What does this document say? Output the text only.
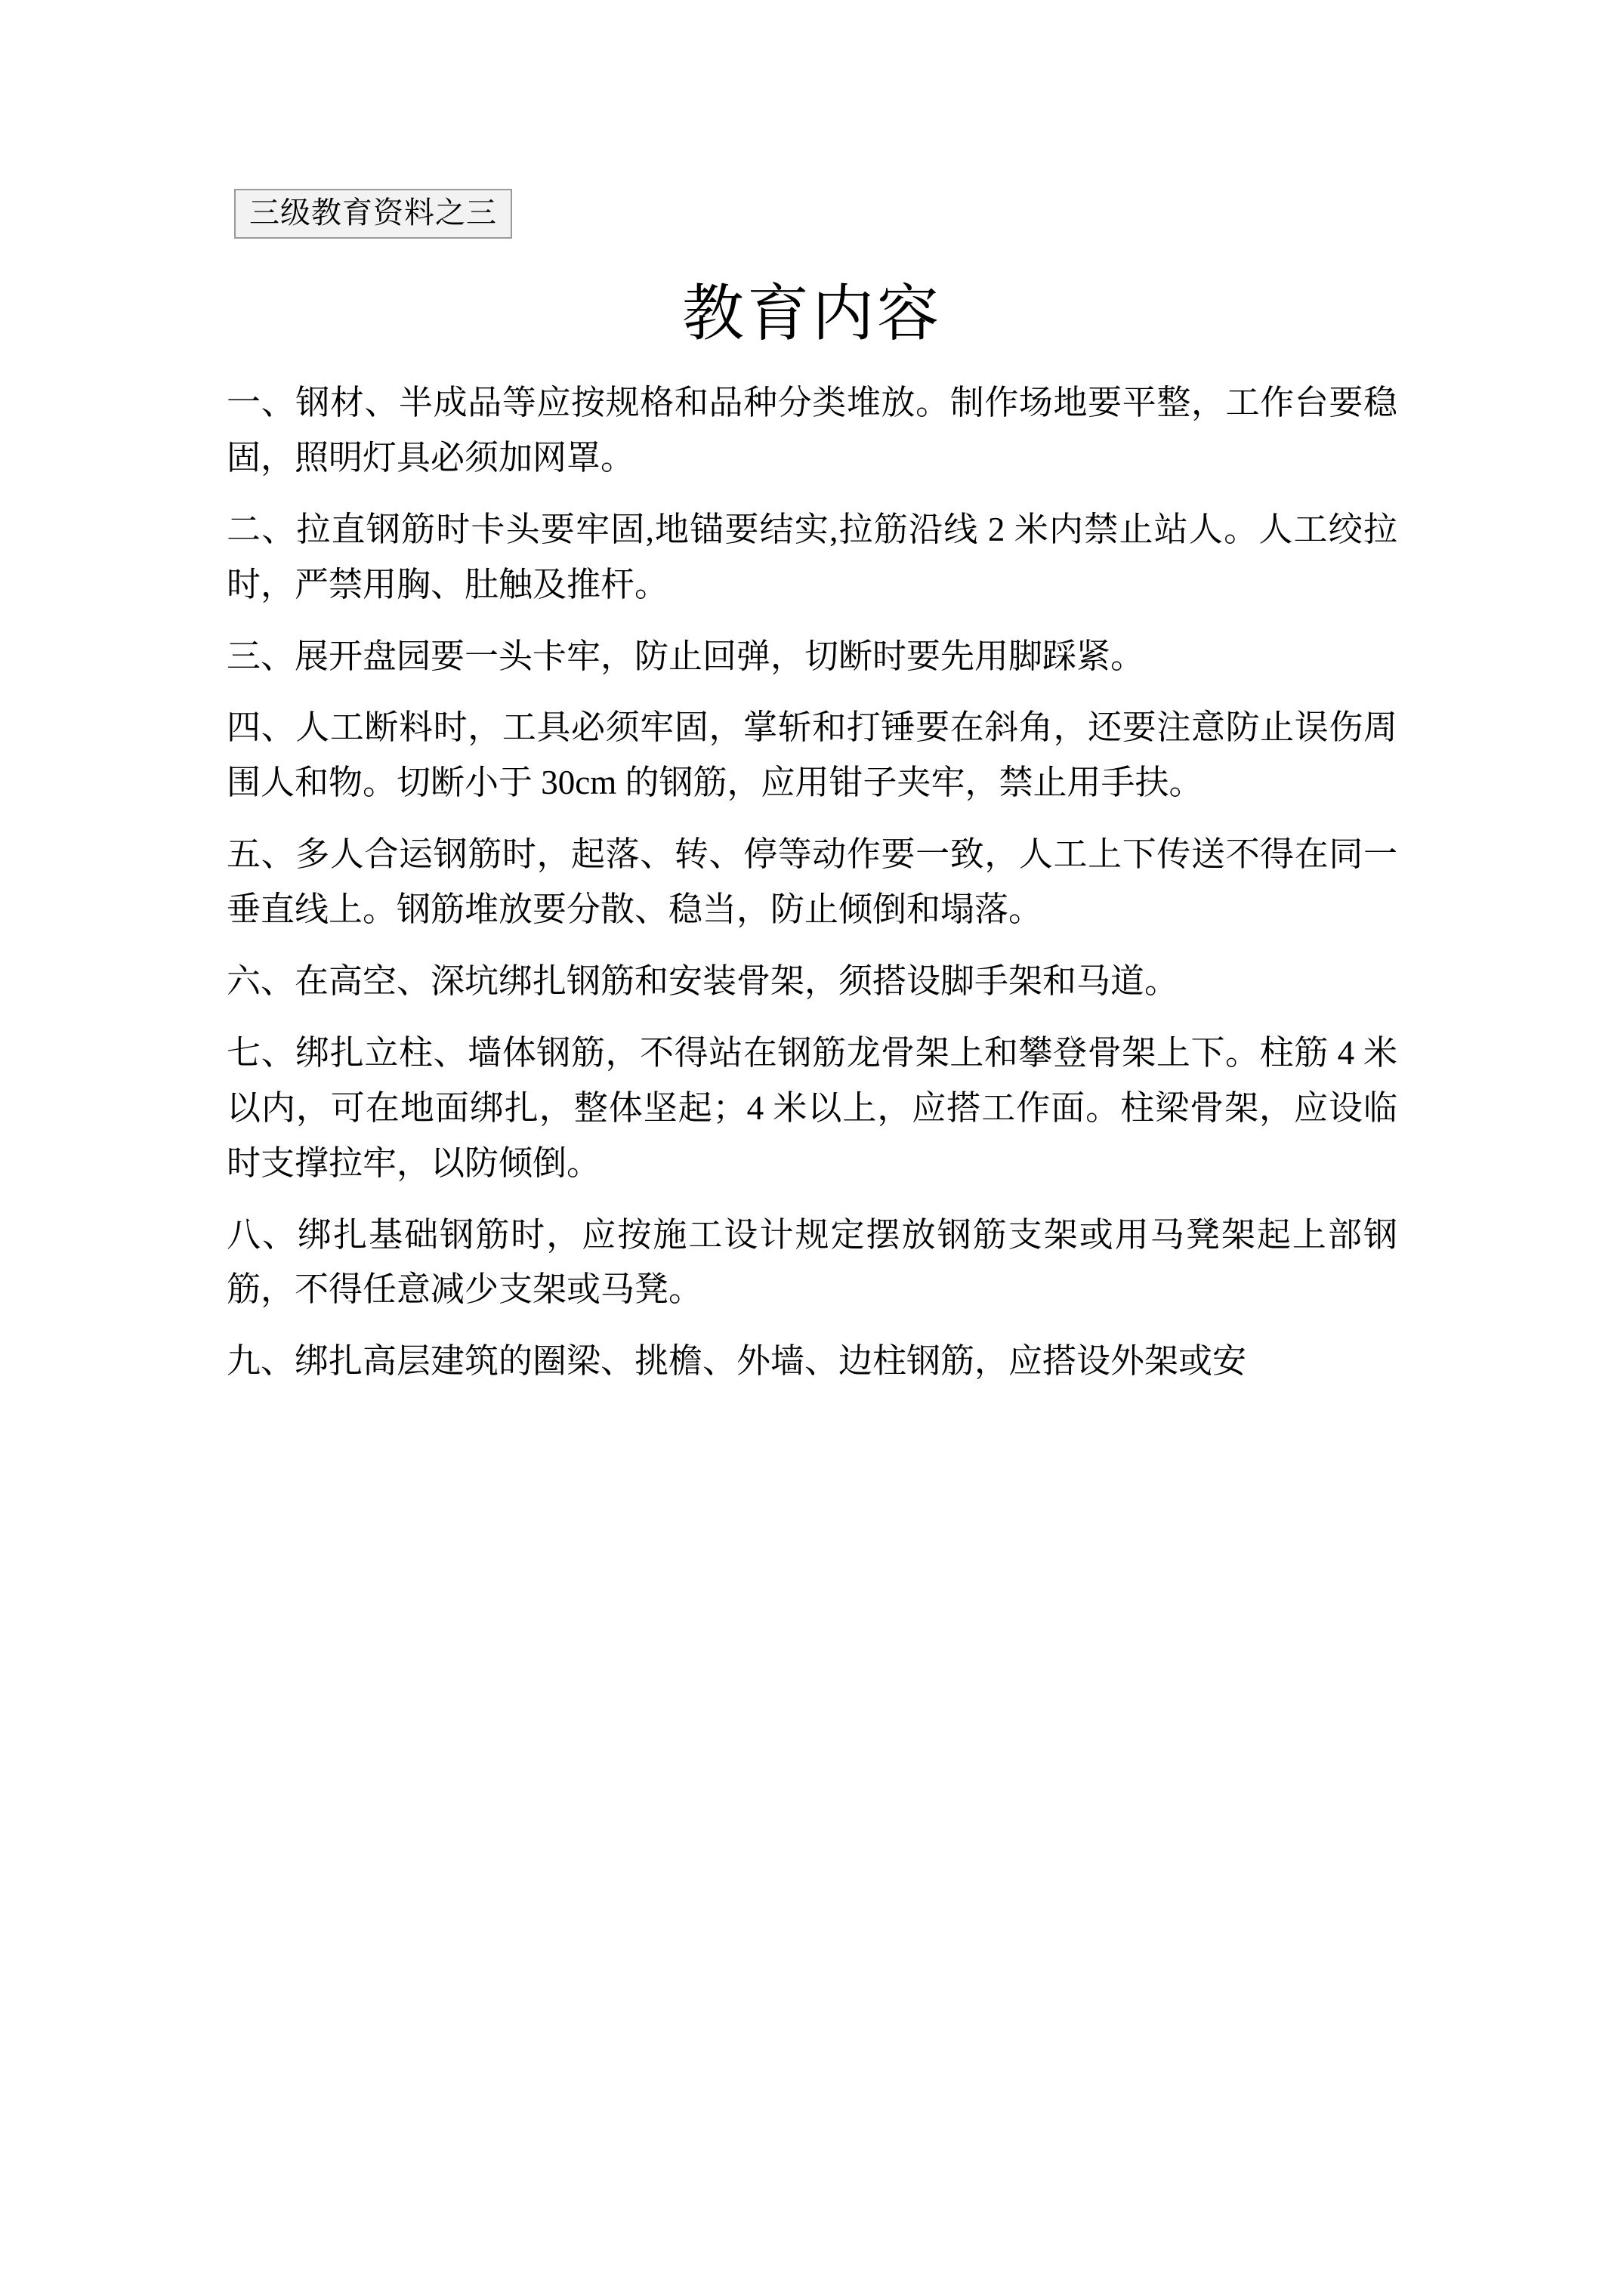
三级教育资料之三
教育内容

一、钢材、半成品等应按规格和品种分类堆放。制作场地要平整，工作台要稳固，照明灯具必须加网罩。

二、拉直钢筋时卡头要牢固,地锚要结实,拉筋沿线 2 米内禁止站人。人工绞拉时，严禁用胸、肚触及推杆。

三、展开盘园要一头卡牢，防止回弹，切断时要先用脚踩紧。

四、人工断料时，工具必须牢固，掌斩和打锤要在斜角，还要注意防止误伤周围人和物。切断小于 30cm 的钢筋，应用钳子夹牢，禁止用手扶。

五、多人合运钢筋时，起落、转、停等动作要一致，人工上下传送不得在同一垂直线上。钢筋堆放要分散、稳当，防止倾倒和塌落。

六、在高空、深坑绑扎钢筋和安装骨架，须搭设脚手架和马道。

七、绑扎立柱、墙体钢筋，不得站在钢筋龙骨架上和攀登骨架上下。柱筋 4 米以内，可在地面绑扎，整体坚起；4 米以上，应搭工作面。柱梁骨架，应设临时支撑拉牢，以防倾倒。

八、绑扎基础钢筋时，应按施工设计规定摆放钢筋支架或用马凳架起上部钢筋，不得任意减少支架或马凳。

九、绑扎高层建筑的圈梁、挑檐、外墙、边柱钢筋，应搭设外架或安
